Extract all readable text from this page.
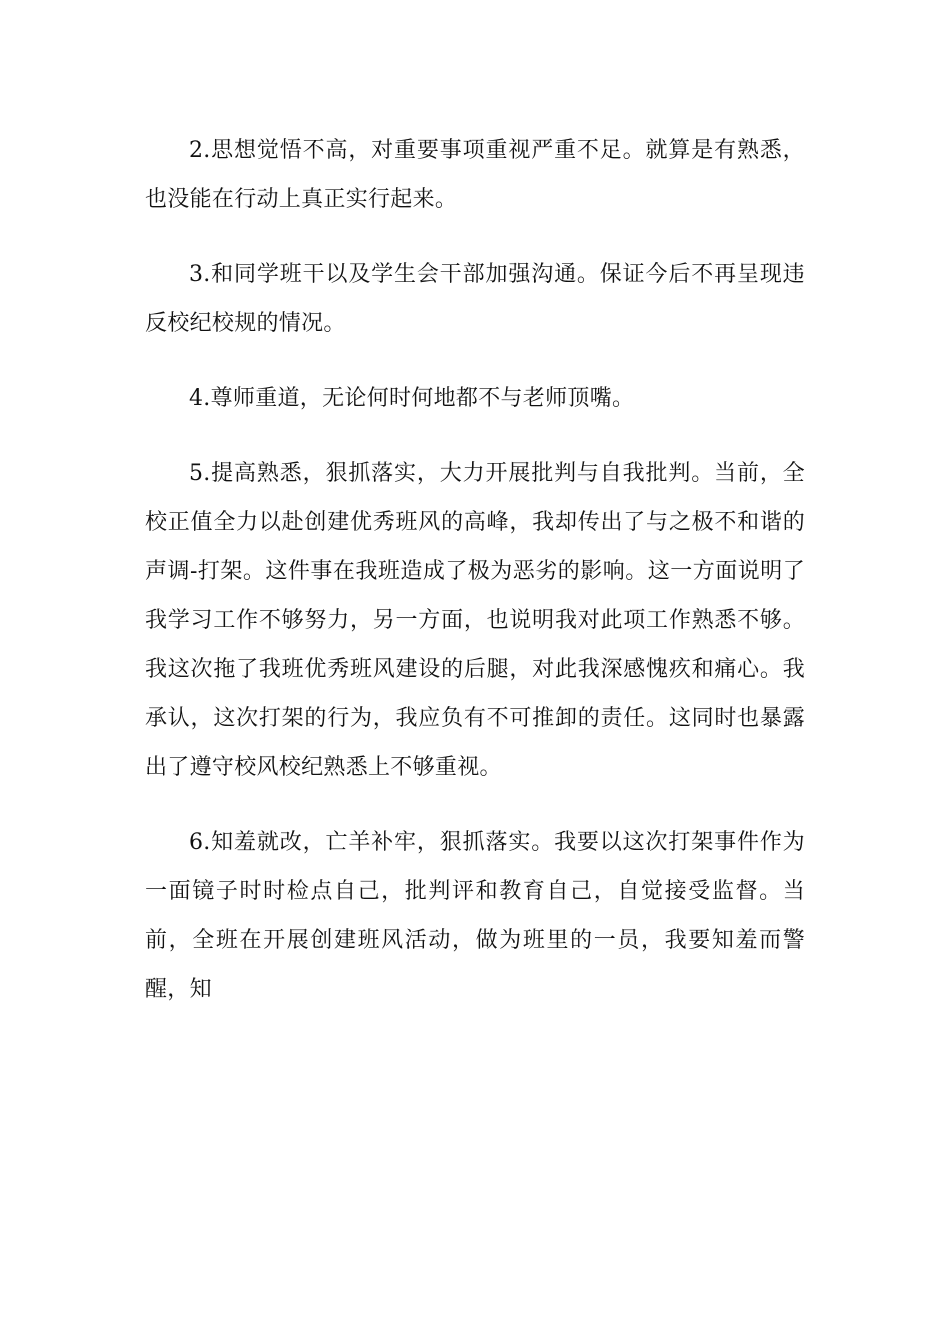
2.思想觉悟不高，对重要事项重视严重不足。就算是有熟悉，也没能在行动上真正实行起来。

3.和同学班干以及学生会干部加强沟通。保证今后不再呈现违反校纪校规的情况。

4.尊师重道，无论何时何地都不与老师顶嘴。

5.提高熟悉，狠抓落实，大力开展批判与自我批判。当前，全校正值全力以赴创建优秀班风的高峰，我却传出了与之极不和谐的声调-打架。这件事在我班造成了极为恶劣的影响。这一方面说明了我学习工作不够努力，另一方面，也说明我对此项工作熟悉不够。我这次拖了我班优秀班风建设的后腿，对此我深感愧疚和痛心。我承认，这次打架的行为，我应负有不可推卸的责任。这同时也暴露出了遵守校风校纪熟悉上不够重视。

6.知羞就改，亡羊补牢，狠抓落实。我要以这次打架事件作为一面镜子时时检点自己，批判评和教育自己，自觉接受监督。当前，全班在开展创建班风活动，做为班里的一员，我要知羞而警醒，知
